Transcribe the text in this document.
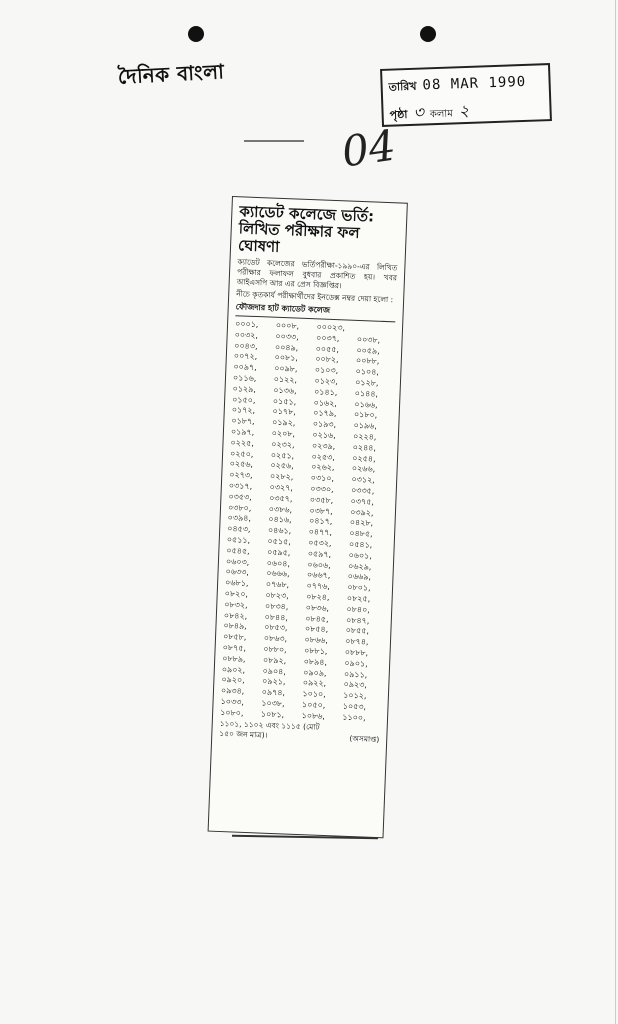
দৈনিক বাংলা	তারিখ 08 MAR 1990
পৃষ্ঠা ৩ কলাম ২
04
ক্যাডেট কলেজে ভর্তি: লিখিত পরীক্ষার ফল ঘোষণা

ক্যাডেট কলেজের ভর্তিপরীক্ষা-১৯৯০-এর লিখিত পরীক্ষার ফলাফল বুধবার প্রকাশিত হয়। খবর আইএসপি আর এর প্রেস বিজ্ঞপ্তির।

নীচে কৃতকার্য পরীক্ষার্থীদের ইনডেক্স নম্বর দেয়া হলো :

ফৌজদার হাট ক্যাডেট কলেজ
০০০১,	০০০৮,	০০০২৩,
০০৩২,	০০৩৩,	০০৩৭,	০০৩৮,
০০৪৩,	০০৪৯,	০০৫৫,	০০৫৯,
০০৭২,	০০৮১,	০০৮২,	০০৮৮,
০০৯৭,	০০৯৮,	০১০৩,	০১০৪,
০১১৬,	০১২২,	০১২৩,	০১২৮,
০১২৯,	০১৩৬,	০১৪১,	০১৪৪,
০১৫০,	০১৫১,	০১৬২,	০১৬৬,
০১৭২,	০১৭৮,	০১৭৯,	০১৮০,
০১৮৭,	০১৯২,	০১৯৩,	০১৯৬,
০১৯৭,	০২০৮,	০২১৬,	০২২৪,
০২২৫,	০২৩২,	০২৩৯,	০২৪৪,
০২৫০,	০২৫১,	০২৫৩,	০২৫৪,
০২৫৬,	০২৫৬,	০২৬২,	০২৬৬,
০২৭৩,	০২৮২,	০৩১০,	০৩১২,
০৩১৭,	০৩২৭,	০৩৩০,	০৩৩৫,
০৩৫৩,	০৩৫৭,	০৩৫৮,	০৩৭৫,
০৩৮০,	০৩৮৬,	০৩৮৭,	০৩৯২,
০৩৯৪,	০৪১৬,	০৪১৭,	০৪২৮,
০৪৫৩,	০৪৬১,	০৪৭৭,	০৪৮৫,
০৫১১,	০৫১৫,	০৫৩২,	০৫৪১,
০৫৪৫,	০৫৯৫,	০৫৯৭,	০৬০১,
০৬০৩,	০৬০৪,	০৬০৬,	০৬২৯,
০৬৩৩,	০৬৬৬,	০৬৬৭,	০৬৬৯,
০৬৮১,	০৭৬৮,	০৭৭৬,	০৮০১,
০৮২০,	০৮২৩,	০৮২৪,	০৮২৫,
০৮৩২,	০৮৩৪,	০৮৩৬,	০৮৪০,
০৮৪২,	০৮৪৪,	০৮৪৫,	০৮৪৭,
০৮৪৯,	০৮৫৩,	০৮৫৪,	০৮৫৫,
০৮৫৮,	০৮৬৩,	০৮৬৬,	০৮৭৪,
০৮৭৫,	০৮৮০,	০৮৮১,	০৮৮৮,
০৮৮৯,	০৮৯২,	০৮৯৪,	০৯০১,
০৯০২,	০৯০৪,	০৯০৯,	০৯১১,
০৯২০,	০৯২১,	০৯২২,	০৯২৩,
০৯৩৪,	০৯৭৪,	১০১০,	১০১২,
১০৩৩,	১০৩৮,	১০৫০,	১০৫৩,
১০৮০,	১০৮১,	১০৮৬,	১১০০,
১১০১, ১১০২ এবং ১১১৫ (মোট
১৫০ জন মাত্র)।	(অসমাপ্ত)
